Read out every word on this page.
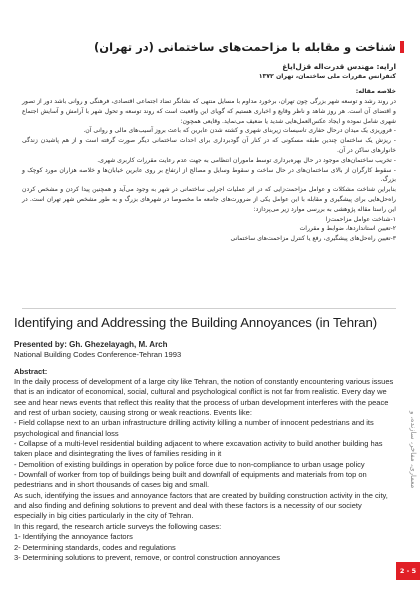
شناخت و مقابله با مزاحمت‌های ساختمانی (در تهران)
ارایه: مهندس قدرت‌اله قزل‌اياغ
کنفرانس مقررات ملی ساختمان، تهران ۱۳۷۲
خلاصه مقاله:

در روند رشد و توسعه شهر بزرگی چون تهران، برخورد مداوم با مسایل منتهی که نشانگر تضاد اجتماعی اقتصادی، فرهنگی و روانی باشد دور از تصور و اقتضای آن است. هر روز شاهد و ناظر وقایع و اخباری هستیم که گویای این واقعیت است که روند توسعه و تحول شهر با آرامش و آسایش اجتماع شهری شامل نموده و ایجاد عکس‌العمل‌هایی شدید یا ضعیف می‌نماید. وقایعی همچون:

- فروریزی یک میدان درحال حفاری تاسیسات زیربنای شهری و کشته شدن عابرین که باعث بروز آسیب‌های مالی و روانی آن.

- ریزش یک ساختمان چندین طبقه مسکونی که در کنار آن گودبرداری برای احداث ساختمانی دیگر صورت گرفته است و از هم پاشیدن زندگی خانوارهای ساکن در آن.

- تخریب ساختمان‌های موجود در حال بهره‌برداری توسط ماموران انتظامی به جهت عدم رعایت مقررات کاربری شهری.

- سقوط کارگران از بالای ساختمان‌های در حال ساخت و سقوط وسایل و مصالح از ارتفاع بر روی عابرین خیابان‌ها و خلاصه هزاران مورد کوچک و بزرگ.

بنابراین شناخت مشکلات و عوامل مزاحمت‌زایی که در اثر عملیات اجرایی ساختمانی در شهر به وجود می‌آید و همچنین پیدا کردن و مشخص کردن راه‌حل‌هایی برای پیشگیری و مقابله با این عوامل یکی از ضرورت‌های جامعه ما مخصوصا در شهرهای بزرگ و به طور مشخص شهر تهران است. در این راستا مقاله پژوهشی به بررسی موارد زیر می‌پردازد:

۱-شناخت عوامل مزاحمت‌زا

۲-تعیین استانداردها، ضوابط و مقررات

۳-تعیین راه‌حل‌های پیشگیری، رفع یا کنترل مزاحمت‌های ساختمانی

Identifying and Addressing the Building Annoyances (in Tehran)
Presented by: Gh. Ghezelayagh, M. Arch
National Building Codes Conference-Tehran 1993
Abstract:

In the daily process of development of a large city like Tehran, the notion of constantly encountering various issues that is an indicator of economical, social, cultural and psychological conflict is not far from realistic. Every day we see and hear news events that reflect this reality that the process of urban development interferes with the peace and rest of urban society, causing strong or weak reactions. Events like:

- Field collapse next to an urban infrastructure drilling activity killing a number of innocent pedestrians and its psychological and financial loss

- Collapse of a multi-level residential building adjacent to where excavation activity to build another building has taken place and disintegrating the lives of families residing in it

- Demolition of existing buildings in operation by police force due to non-compliance to urban usage policy

- Downfall of worker from top of buildings being built and downfall of equipments and materials from top on pedestrians and in short thousands of cases big and small.

As such, identifying the issues and annoyance factors that are created by building construction activity in the city, and also finding and defining solutions to prevent and deal with these factors is a necessity of our society especially in big cities particularly in the city of Tehran.

In this regard, the research article surveys the following cases:

1- Identifying the annoyance factors

2- Determining standards, codes and regulations

3- Determining solutions to prevent, remove, or control construction annoyances

معماری، مفاخر، سازنده، و
2 - 5
